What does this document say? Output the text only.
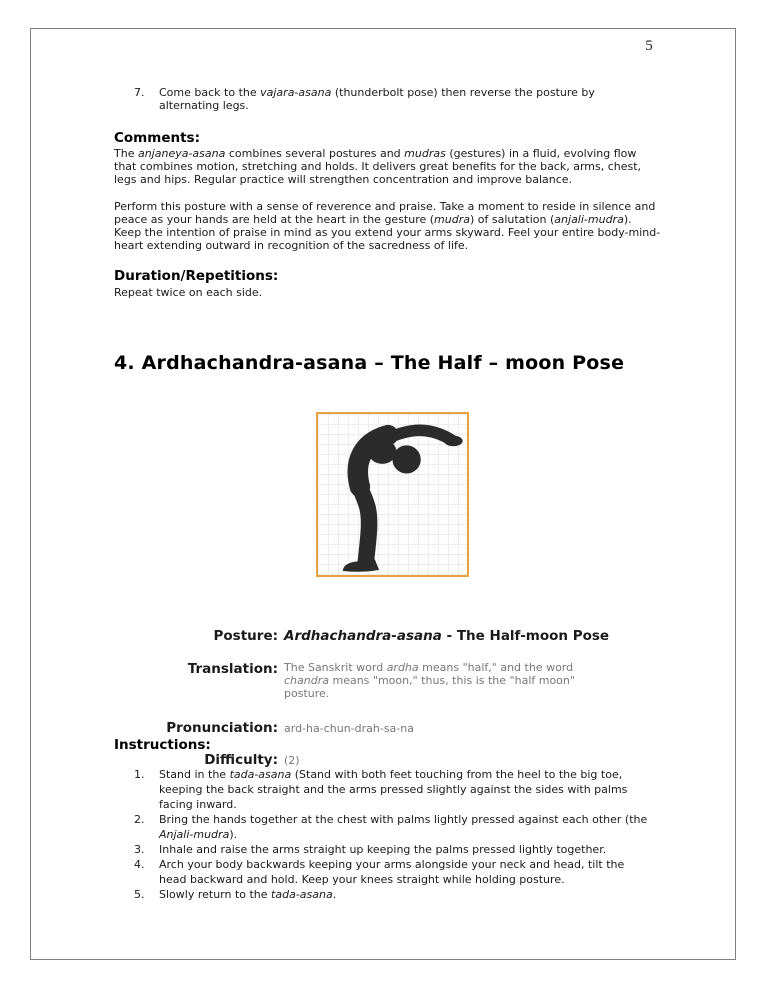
5
7.	Come back to the vajara-asana (thunderbolt pose) then reverse the posture by alternating legs.
Comments:
The anjaneya-asana combines several postures and mudras (gestures) in a fluid, evolving flow that combines motion, stretching and holds. It delivers great benefits for the back, arms, chest, legs and hips. Regular practice will strengthen concentration and improve balance.
Perform this posture with a sense of reverence and praise. Take a moment to reside in silence and peace as your hands are held at the heart in the gesture (mudra) of salutation (anjali-mudra). Keep the intention of praise in mind as you extend your arms skyward. Feel your entire body-mind-heart extending outward in recognition of the sacredness of life.
Duration/Repetitions:
Repeat twice on each side.
4. Ardhachandra-asana – The Half – moon Pose
Posture: Ardhachandra-asana - The Half-moon Pose
Translation: The Sanskrit word ardha means "half," and the word chandra means "moon," thus, this is the "half moon" posture.
Pronunciation: ard-ha-chun-drah-sa-na
Difficulty: (2)
Instructions:
1.	Stand in the tada-asana (Stand with both feet touching from the heel to the big toe, keeping the back straight and the arms pressed slightly against the sides with palms facing inward.
2.	Bring the hands together at the chest with palms lightly pressed against each other (the Anjali-mudra).
3.	Inhale and raise the arms straight up keeping the palms pressed lightly together.
4.	Arch your body backwards keeping your arms alongside your neck and head, tilt the head backward and hold. Keep your knees straight while holding posture.
5.	Slowly return to the tada-asana.
